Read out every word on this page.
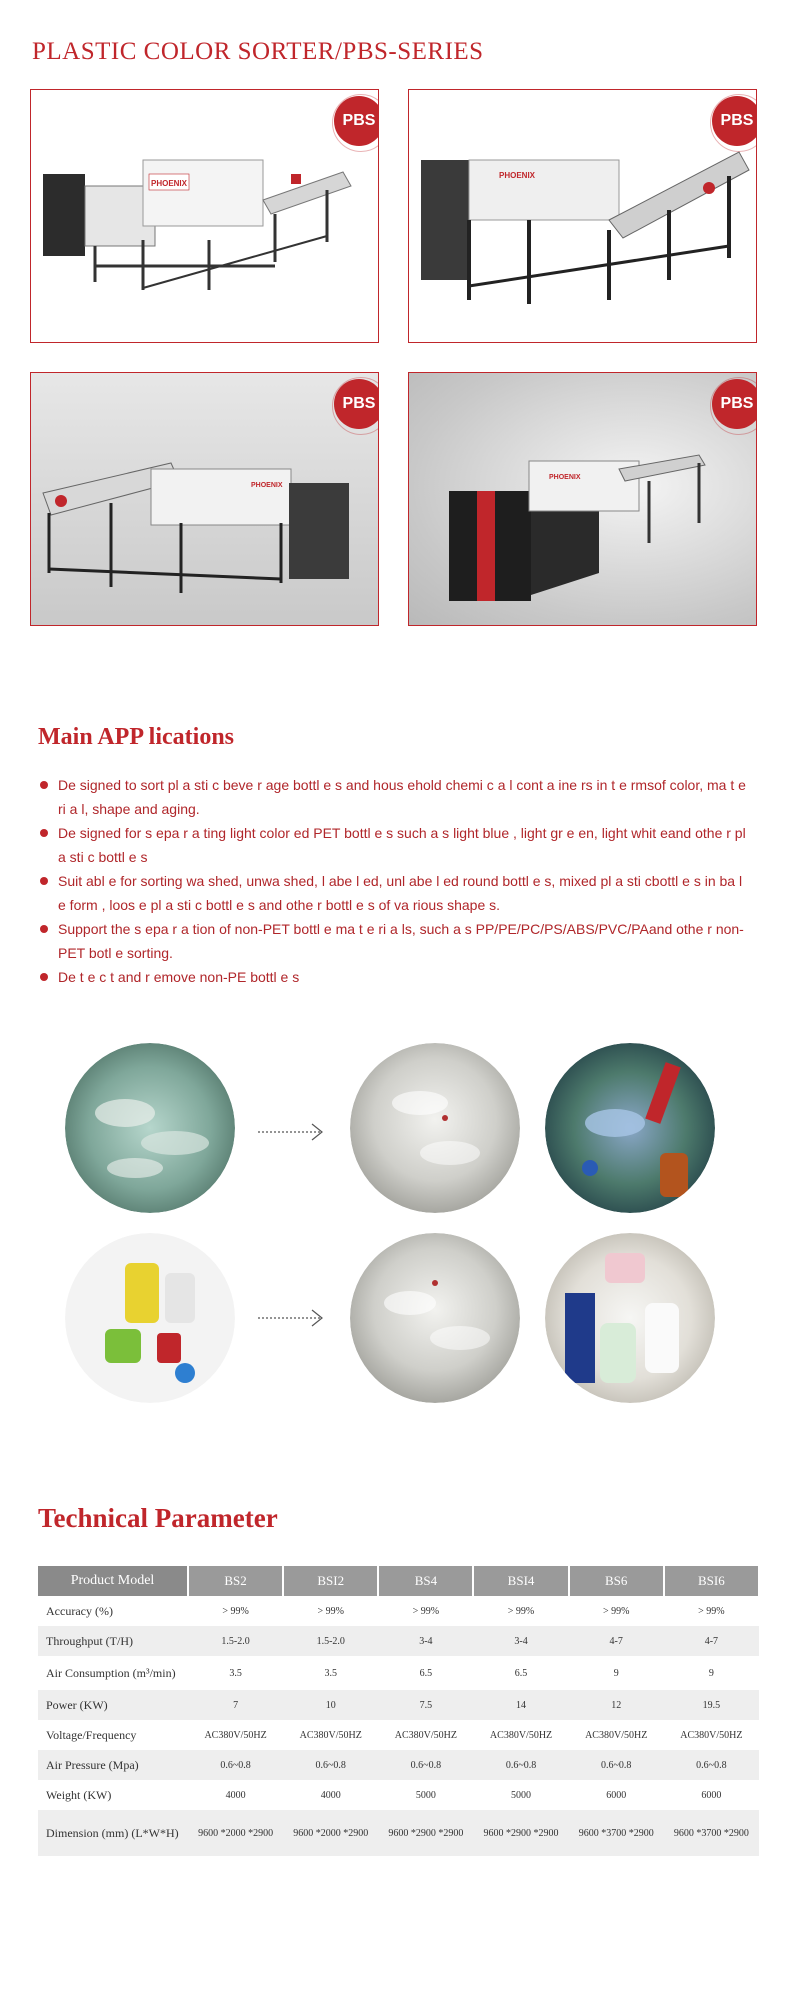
PLASTIC COLOR SORTER/PBS-SERIES
PHOENIX
PBS
PHOENIX
PBS
PHOENIX
PBS
PHOENIX
PBS
Main APP lications
De signed to sort pl a sti c beve r age bottl e s and hous ehold chemi c a l cont a ine rs in t e rmsof color, ma t e ri a l, shape and aging.
De signed for s epa r a ting light color ed PET bottl e s such a s light blue , light gr e en, light whit eand othe r pl a sti c bottl e s
Suit abl e for sorting wa shed, unwa shed, l abe l ed, unl abe l ed round bottl e s, mixed pl a sti cbottl e s in ba l e form , loos e pl a sti c bottl e s and othe r bottl e s of va rious shape s.
Support the s epa r a tion of non-PET bottl e ma t e ri a ls, such a s PP/PE/PC/PS/ABS/PVC/PAand othe r non-PET botl e sorting.
De t e c t and r emove non-PE bottl e s
Technical Parameter
Product Model	BS2	BSI2	BS4	BSI4	BS6	BSI6
Accuracy (%)	> 99%	> 99%	> 99%	> 99%	> 99%	> 99%
Throughput (T/H)	1.5-2.0	1.5-2.0	3-4	3-4	4-7	4-7
Air Consumption (m³/min)	3.5	3.5	6.5	6.5	9	9
Power (KW)	7	10	7.5	14	12	19.5
Voltage/Frequency	AC380V/50HZ	AC380V/50HZ	AC380V/50HZ	AC380V/50HZ	AC380V/50HZ	AC380V/50HZ
Air Pressure (Mpa)	0.6~0.8	0.6~0.8	0.6~0.8	0.6~0.8	0.6~0.8	0.6~0.8
Weight (KW)	4000	4000	5000	5000	6000	6000
Dimension (mm) (L*W*H)	9600 *2000 *2900	9600 *2000 *2900	9600 *2900 *2900	9600 *2900 *2900	9600 *3700 *2900	9600 *3700 *2900
